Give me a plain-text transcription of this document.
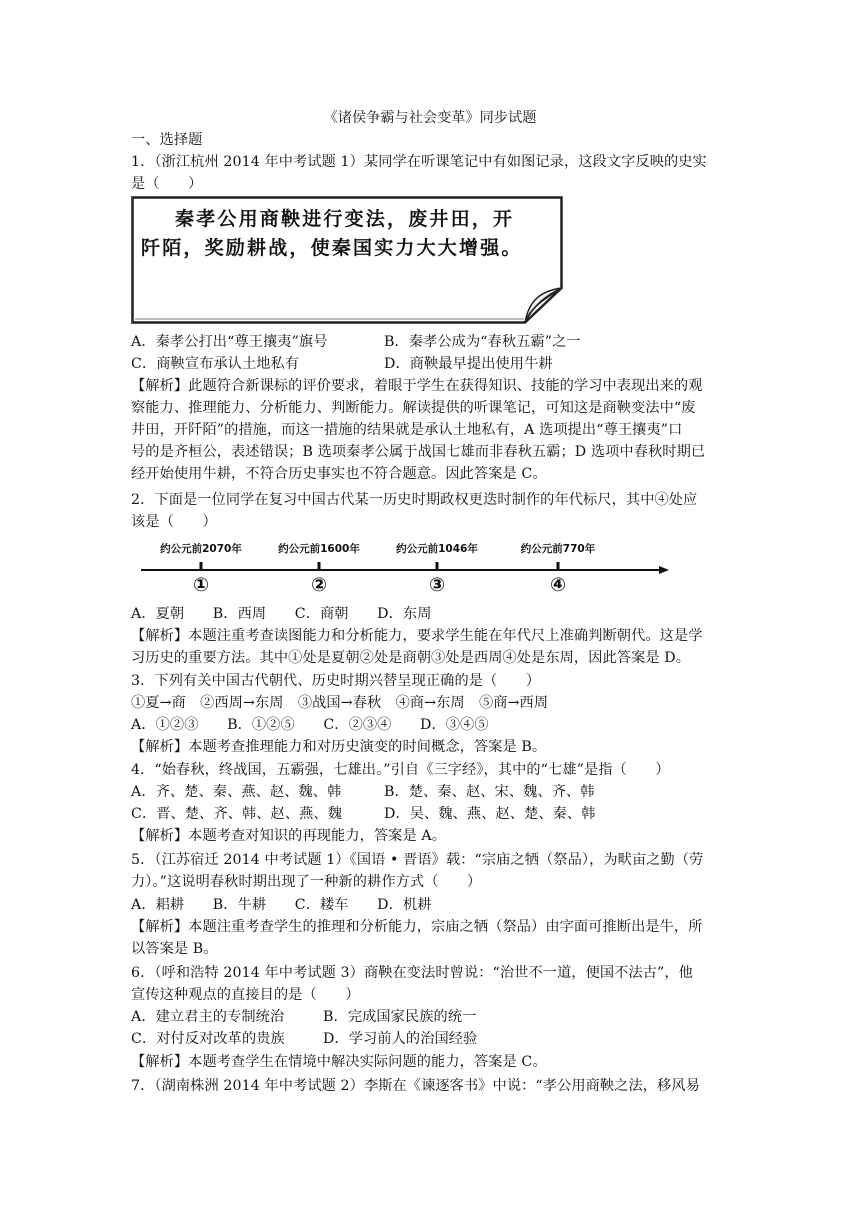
《诸侯争霸与社会变革》同步试题
一、选择题
1．（浙江杭州 2014 年中考试题 1）某同学在听课笔记中有如图记录，这段文字反映的史实
是（　　）
秦孝公用商鞅进行变法，废井田，开
阡陌，奖励耕战，使秦国实力大大增强。
A．秦孝公打出“尊王攘夷”旗号	B．秦孝公成为“春秋五霸”之一
C．商鞅宣布承认土地私有	D．商鞅最早提出使用牛耕
【解析】此题符合新课标的评价要求，着眼于学生在获得知识、技能的学习中表现出来的观
察能力、推理能力、分析能力、判断能力。解读提供的听课笔记，可知这是商鞅变法中“废
井田，开阡陌”的措施，而这一措施的结果就是承认土地私有，A 选项提出“尊王攘夷”口
号的是齐桓公，表述错误；B 选项秦孝公属于战国七雄而非春秋五霸；D 选项中春秋时期已
经开始使用牛耕，不符合历史事实也不符合题意。因此答案是 C。
2．下面是一位同学在复习中国古代某一历史时期政权更迭时制作的年代标尺，其中④处应
该是（　　）
约公元前2070年	约公元前1600年	约公元前1046年	约公元前770年
①	②	③	④
A．夏朝　　B．西周　　C．商朝　　D．东周
【解析】本题注重考查读图能力和分析能力，要求学生能在年代尺上准确判断朝代。这是学
习历史的重要方法。其中①处是夏朝②处是商朝③处是西周④处是东周，因此答案是 D。
3．下列有关中国古代朝代、历史时期兴替呈现正确的是（　　）
①夏→商　②西周→东周　③战国→春秋　④商→东周　⑤商→西周
A．①②③　　B．①②⑤　　C．②③④　　D．③④⑤
【解析】本题考查推理能力和对历史演变的时间概念，答案是 B。
4．“始春秋，终战国，五霸强，七雄出。”引自《三字经》，其中的“七雄”是指（　　）
A．齐、楚、秦、燕、赵、魏、韩	B．楚、秦、赵、宋、魏、齐、韩
C．晋、楚、齐、韩、赵、燕、魏	D．吴、魏、燕、赵、楚、秦、韩
【解析】本题考查对知识的再现能力，答案是 A。
5．（江苏宿迁 2014 中考试题 1）《国语 • 晋语》载：“宗庙之牺（祭品），为畎亩之勤（劳
力）。”这说明春秋时期出现了一种新的耕作方式（　　）
A．耜耕　　B．牛耕　　C．耧车　　D．机耕
【解析】本题注重考查学生的推理和分析能力，宗庙之牺（祭品）由字面可推断出是牛，所
以答案是 B。
6．（呼和浩特 2014 年中考试题 3）商鞅在变法时曾说：“治世不一道，便国不法古”，他
宣传这种观点的直接目的是（　　）
A．建立君主的专制统治	B．完成国家民族的统一
C．对付反对改革的贵族	D．学习前人的治国经验
【解析】本题考查学生在情境中解决实际问题的能力，答案是 C。
7．（湖南株洲 2014 年中考试题 2）李斯在《谏逐客书》中说：“孝公用商鞅之法，移风易
